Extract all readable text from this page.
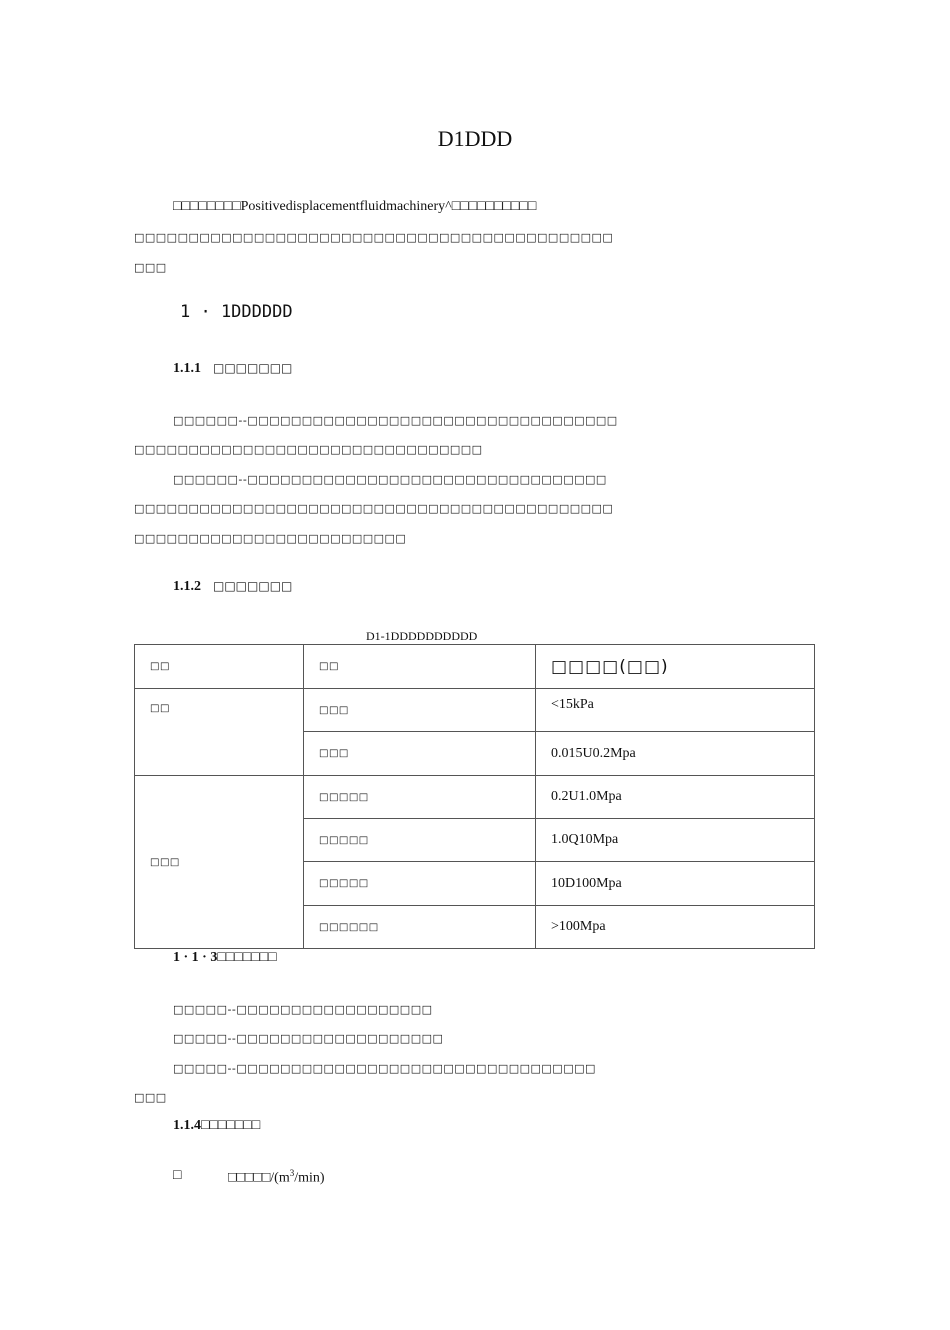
D1DDD
□□□□□□□□Positivedisplacementfluidmachinery^□□□□□□□□□□
□□□□□□□□□□□□□□□□□□□□□□□□□□□□□□□□□□□□□□□□□□□□
□□□
1 · 1DDDDDD
1.1.1 □□□□□□□
□□□□□□--□□□□□□□□□□□□□□□□□□□□□□□□□□□□□□□□□□
□□□□□□□□□□□□□□□□□□□□□□□□□□□□□□□□
□□□□□□--□□□□□□□□□□□□□□□□□□□□□□□□□□□□□□□□□
□□□□□□□□□□□□□□□□□□□□□□□□□□□□□□□□□□□□□□□□□□□□
□□□□□□□□□□□□□□□□□□□□□□□□□
1.1.2 □□□□□□□
D1-1DDDDDDDDDD
□□	□□	□□□□(□□)
□□	□□□	<15kPa
	□□□	0.015U0.2Mpa
□□□	□□□□□	0.2U1.0Mpa
	□□□□□	1.0Q10Mpa
	□□□□□	10D100Mpa
	□□□□□□	>100Mpa
1 · 1 · 3□□□□□□□
□□□□□--□□□□□□□□□□□□□□□□□□
□□□□□--□□□□□□□□□□□□□□□□□□□
□□□□□--□□□□□□□□□□□□□□□□□□□□□□□□□□□□□□□□□
□□□
1.1.4□□□□□□□
□	$□□□□□/(m^3/\min)$
